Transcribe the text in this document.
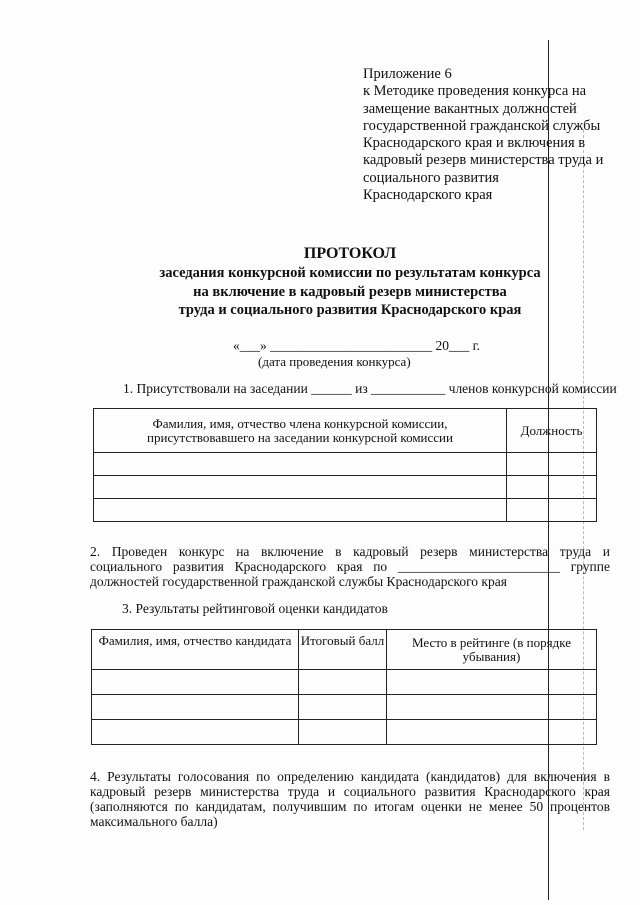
Приложение 6
к Методике проведения конкурса на
замещение вакантных должностей
государственной гражданской службы
Краснодарского края и включения в
кадровый резерв министерства труда и
социального развития
Краснодарского края
ПРОТОКОЛ
заседания конкурсной комиссии по результатам конкурса
на включение в кадровый резерв министерства
труда и социального развития Краснодарского края
«___» ________________________ 20___ г.
(дата проведения конкурса)
1. Присутствовали на заседании ______ из ___________ членов конкурсной комиссии
Фамилия, имя, отчество члена конкурсной комиссии, присутствовавшего на заседании конкурсной комиссии	Должность

2. Проведен конкурс на включение в кадровый резерв министерства труда и
социального развития Краснодарского края по ________________________ группе
должностей государственной гражданской службы Краснодарского края
3. Результаты рейтинговой оценки кандидатов
Фамилия, имя, отчество кандидата	Итоговый балл	Место в рейтинге (в порядке убывания)

4. Результаты голосования по определению кандидата (кандидатов) для включения в
кадровый резерв министерства труда и социального развития Краснодарского края
(заполняются по кандидатам, получившим по итогам оценки не менее 50 процентов
максимального балла)
